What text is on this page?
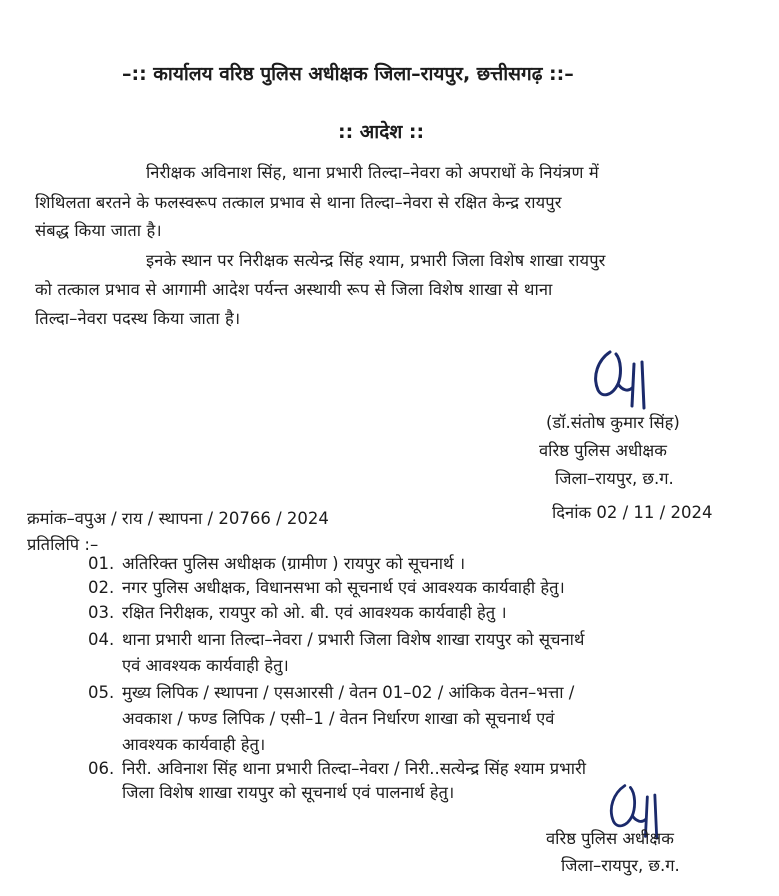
–:: कार्यालय वरिष्ठ पुलिस अधीक्षक जिला–रायपुर, छत्तीसगढ़ ::–
:: आदेश ::
निरीक्षक अविनाश सिंह, थाना प्रभारी तिल्दा–नेवरा को अपराधों के नियंत्रण में
शिथिलता बरतने के फलस्वरूप तत्काल प्रभाव से थाना तिल्दा–नेवरा से रक्षित केन्द्र रायपुर
संबद्ध किया जाता है।
इनके स्थान पर निरीक्षक सत्येन्द्र सिंह श्याम, प्रभारी जिला विशेष शाखा रायपुर
को तत्काल प्रभाव से आगामी आदेश पर्यन्त अस्थायी रूप से जिला विशेष शाखा से थाना
तिल्दा–नेवरा पदस्थ किया जाता है।
(डॉ.संतोष कुमार सिंह)
वरिष्ठ पुलिस अधीक्षक
जिला–रायपुर, छ.ग.
क्रमांक–वपुअ / राय / स्थापना / 20766 / 2024	दिनांक 02 / 11 / 2024
प्रतिलिपि :–
01. अतिरिक्त पुलिस अधीक्षक (ग्रामीण ) रायपुर को सूचनार्थ ।
02. नगर पुलिस अधीक्षक, विधानसभा को सूचनार्थ एवं आवश्यक कार्यवाही हेतु।
03. रक्षित निरीक्षक, रायपुर को ओ. बी. एवं आवश्यक कार्यवाही हेतु ।
04. थाना प्रभारी थाना तिल्दा–नेवरा / प्रभारी जिला विशेष शाखा रायपुर को सूचनार्थ
एवं आवश्यक कार्यवाही हेतु।
05. मुख्य लिपिक / स्थापना / एसआरसी / वेतन 01–02 / आंकिक वेतन–भत्ता /
अवकाश / फण्ड लिपिक / एसी–1 / वेतन निर्धारण शाखा को सूचनार्थ एवं
आवश्यक कार्यवाही हेतु।
06. निरी. अविनाश सिंह थाना प्रभारी तिल्दा–नेवरा / निरी..सत्येन्द्र सिंह श्याम प्रभारी
जिला विशेष शाखा रायपुर को सूचनार्थ एवं पालनार्थ हेतु।
वरिष्ठ पुलिस अधीक्षक
जिला–रायपुर, छ.ग.
